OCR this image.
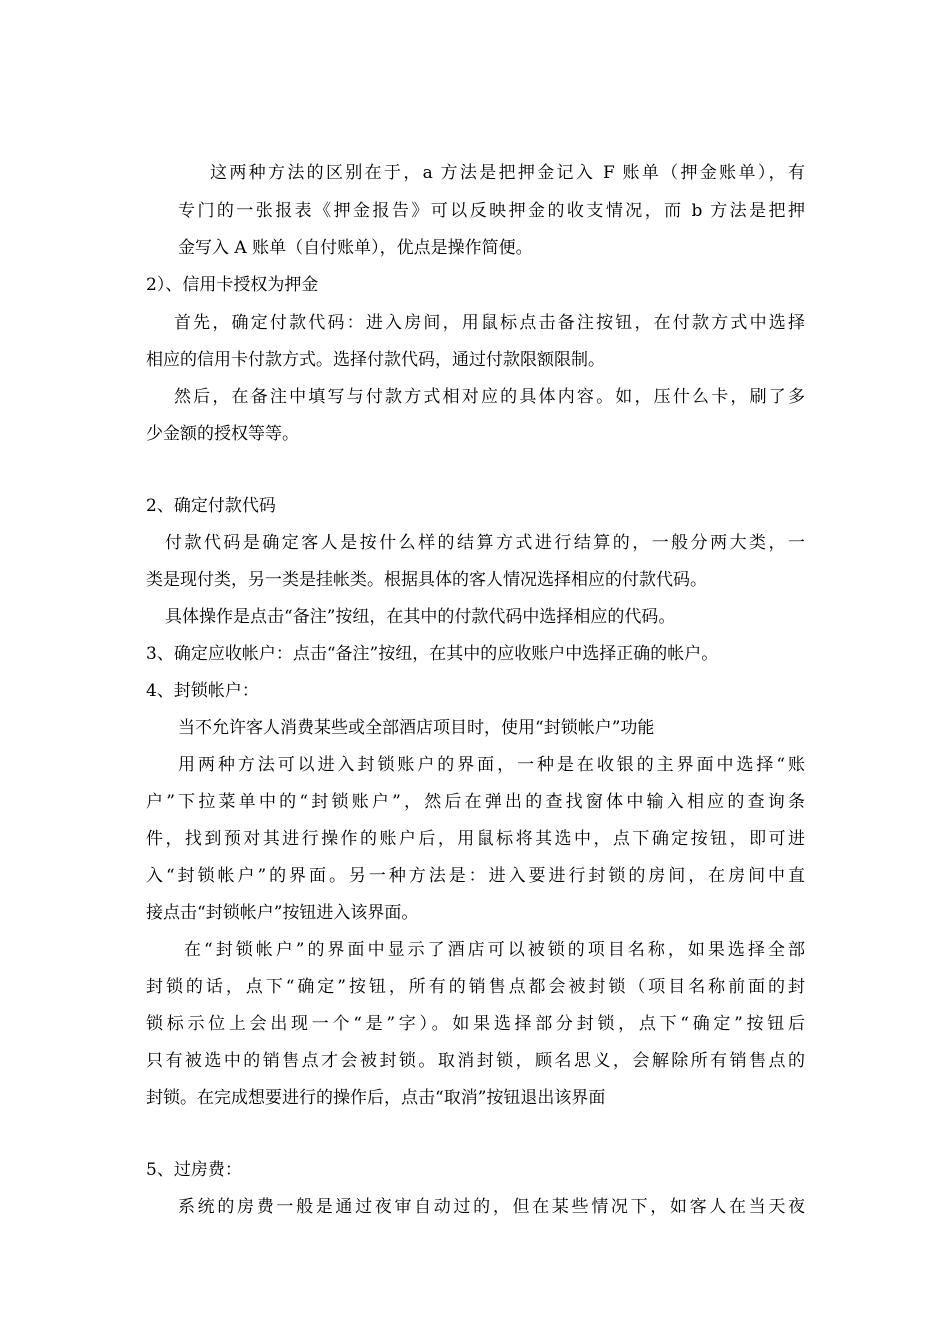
这两种方法的区别在于，a 方法是把押金记入 F 账单（押金账单），有
专门的一张报表《押金报告》可以反映押金的收支情况，而 b 方法是把押
金写入 A 账单（自付账单），优点是操作简便。
2）、信用卡授权为押金
首先，确定付款代码：进入房间，用鼠标点击备注按钮，在付款方式中选择
相应的信用卡付款方式。选择付款代码，通过付款限额限制。
然后，在备注中填写与付款方式相对应的具体内容。如，压什么卡，刷了多
少金额的授权等等。
2、确定付款代码
付款代码是确定客人是按什么样的结算方式进行结算的，一般分两大类，一
类是现付类，另一类是挂帐类。根据具体的客人情况选择相应的付款代码。
具体操作是点击“备注”按纽，在其中的付款代码中选择相应的代码。
3、确定应收帐户：点击“备注”按纽，在其中的应收账户中选择正确的帐户。
4、封锁帐户：
当不允许客人消费某些或全部酒店项目时，使用“封锁帐户”功能
用两种方法可以进入封锁账户的界面，一种是在收银的主界面中选择“账
户”下拉菜单中的“封锁账户”，然后在弹出的查找窗体中输入相应的查询条
件，找到预对其进行操作的账户后，用鼠标将其选中，点下确定按钮，即可进
入“封锁帐户”的界面。另一种方法是：进入要进行封锁的房间，在房间中直
接点击“封锁帐户”按钮进入该界面。
在“封锁帐户”的界面中显示了酒店可以被锁的项目名称，如果选择全部
封锁的话，点下“确定”按钮，所有的销售点都会被封锁（项目名称前面的封
锁标示位上会出现一个“是”字）。如果选择部分封锁，点下“确定”按钮后
只有被选中的销售点才会被封锁。取消封锁，顾名思义，会解除所有销售点的
封锁。在完成想要进行的操作后，点击“取消”按钮退出该界面
5、过房费：
系统的房费一般是通过夜审自动过的，但在某些情况下，如客人在当天夜
